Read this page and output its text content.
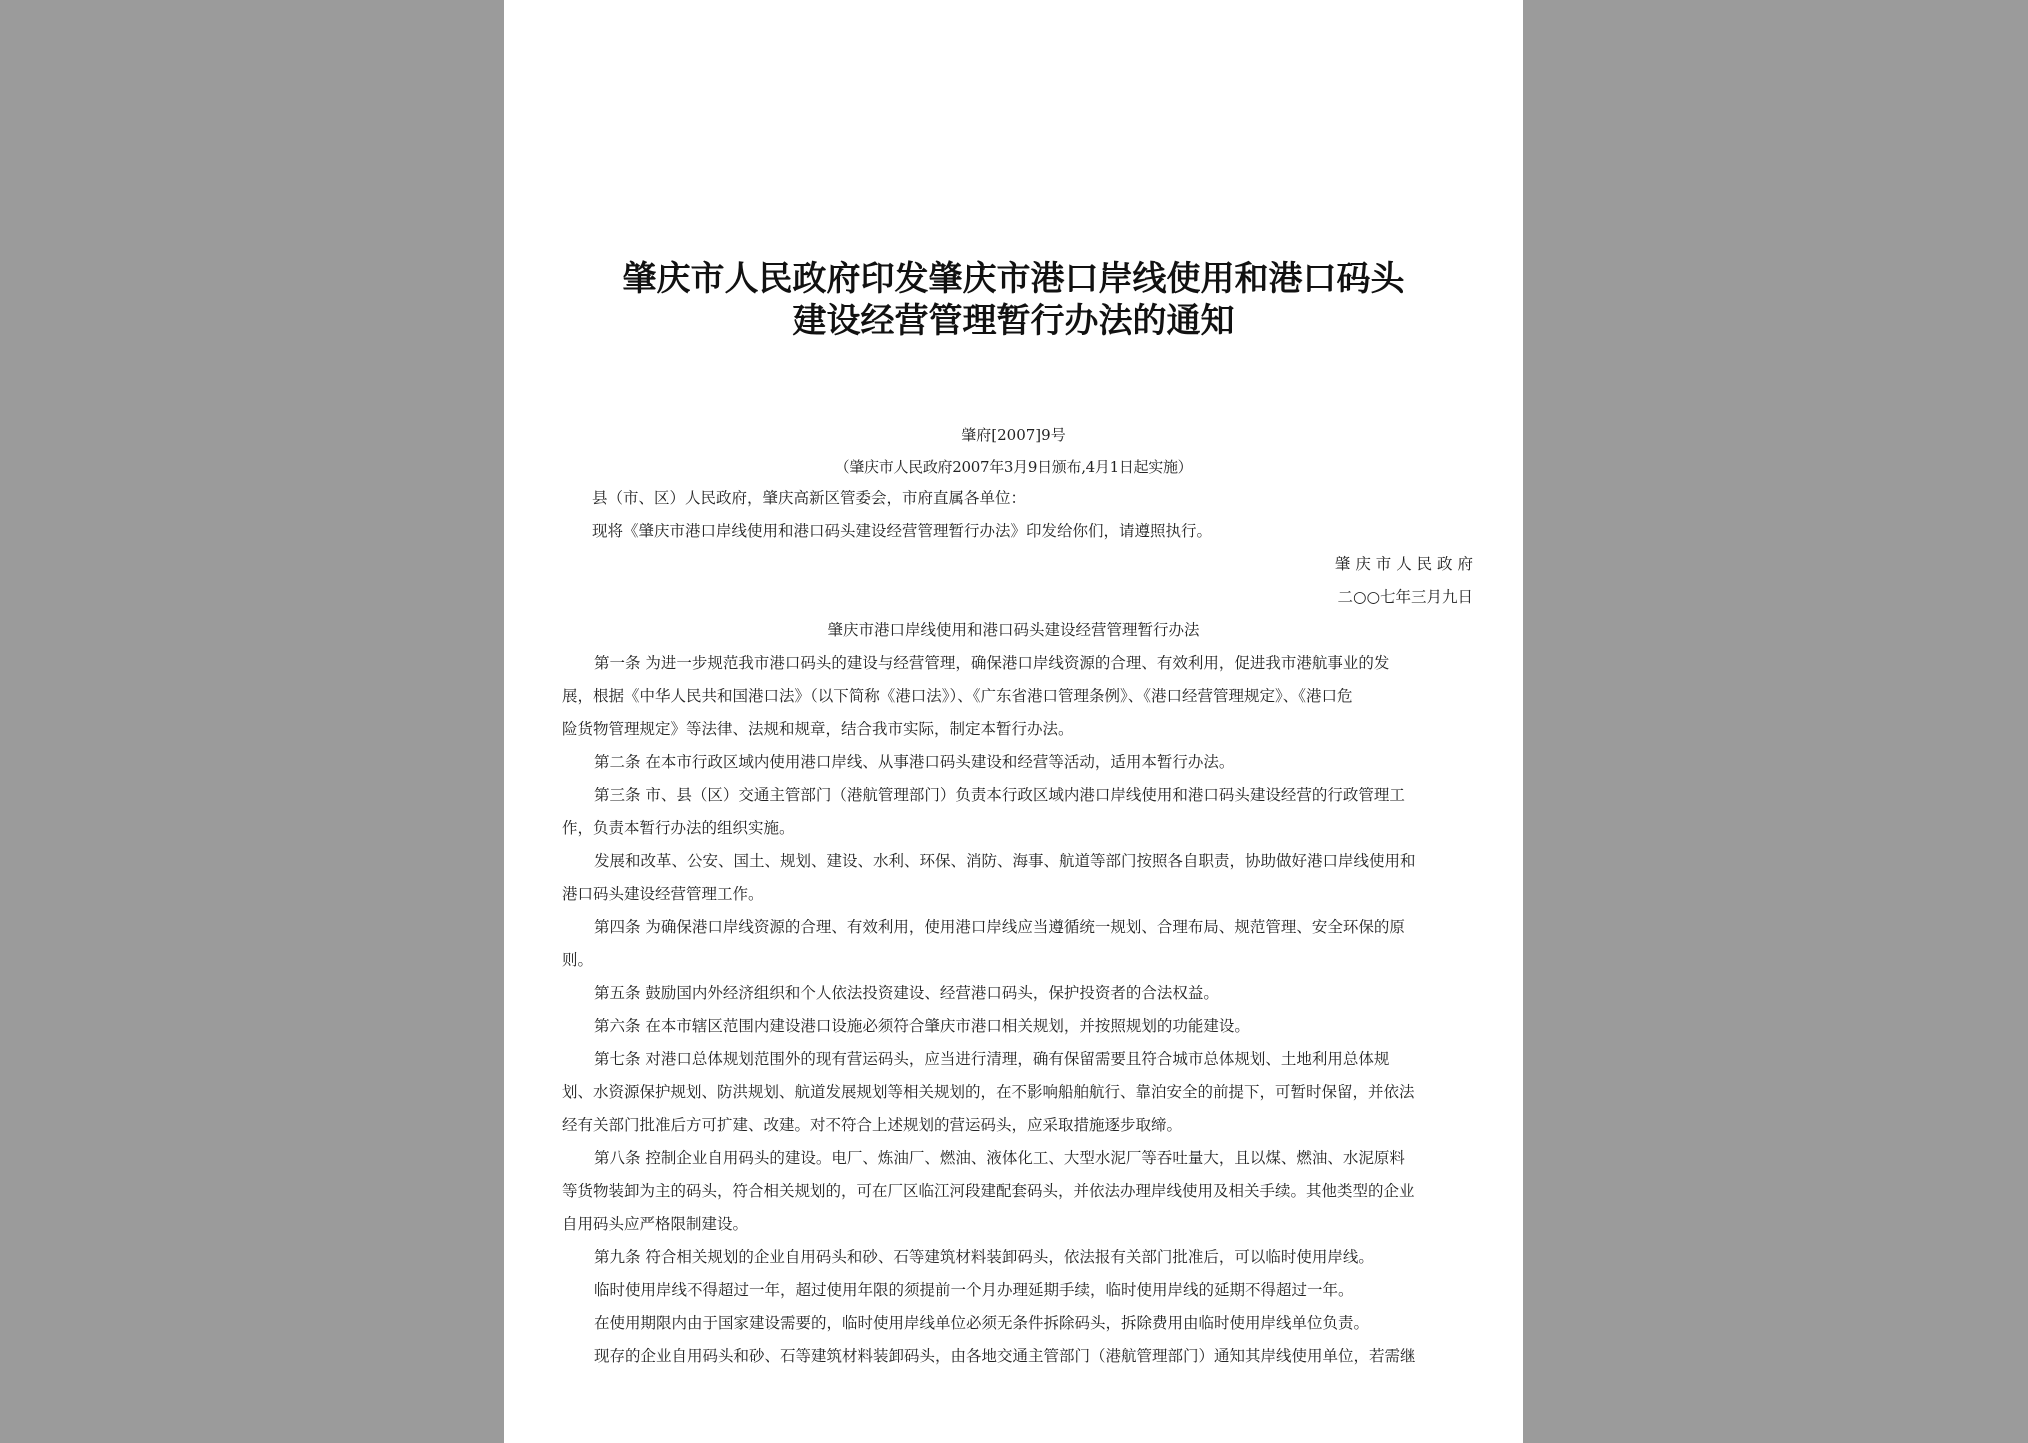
肇庆市人民政府印发肇庆市港口岸线使用和港口码头
建设经营管理暂行办法的通知
肇府[2007]9号
（肇庆市人民政府2007年3月9日颁布,4月1日起实施）
县（市、区）人民政府，肇庆高新区管委会，市府直属各单位：
现将《肇庆市港口岸线使用和港口码头建设经营管理暂行办法》印发给你们，请遵照执行。
肇 庆 市 人 民 政 府
二○○七年三月九日
肇庆市港口岸线使用和港口码头建设经营管理暂行办法
第一条 为进一步规范我市港口码头的建设与经营管理，确保港口岸线资源的合理、有效利用，促进我市港航事业的发
展，根据《中华人民共和国港口法》（以下简称《港口法》）、《广东省港口管理条例》、《港口经营管理规定》、《港口危
险货物管理规定》等法律、法规和规章，结合我市实际，制定本暂行办法。
第二条 在本市行政区域内使用港口岸线、从事港口码头建设和经营等活动，适用本暂行办法。
第三条 市、县（区）交通主管部门（港航管理部门）负责本行政区域内港口岸线使用和港口码头建设经营的行政管理工
作，负责本暂行办法的组织实施。
发展和改革、公安、国土、规划、建设、水利、环保、消防、海事、航道等部门按照各自职责，协助做好港口岸线使用和
港口码头建设经营管理工作。
第四条 为确保港口岸线资源的合理、有效利用，使用港口岸线应当遵循统一规划、合理布局、规范管理、安全环保的原
则。
第五条 鼓励国内外经济组织和个人依法投资建设、经营港口码头，保护投资者的合法权益。
第六条 在本市辖区范围内建设港口设施必须符合肇庆市港口相关规划，并按照规划的功能建设。
第七条 对港口总体规划范围外的现有营运码头，应当进行清理，确有保留需要且符合城市总体规划、土地利用总体规
划、水资源保护规划、防洪规划、航道发展规划等相关规划的，在不影响船舶航行、靠泊安全的前提下，可暂时保留，并依法
经有关部门批准后方可扩建、改建。对不符合上述规划的营运码头，应采取措施逐步取缔。
第八条 控制企业自用码头的建设。电厂、炼油厂、燃油、液体化工、大型水泥厂等吞吐量大，且以煤、燃油、水泥原料
等货物装卸为主的码头，符合相关规划的，可在厂区临江河段建配套码头，并依法办理岸线使用及相关手续。其他类型的企业
自用码头应严格限制建设。
第九条 符合相关规划的企业自用码头和砂、石等建筑材料装卸码头，依法报有关部门批准后，可以临时使用岸线。
临时使用岸线不得超过一年，超过使用年限的须提前一个月办理延期手续，临时使用岸线的延期不得超过一年。
在使用期限内由于国家建设需要的，临时使用岸线单位必须无条件拆除码头，拆除费用由临时使用岸线单位负责。
现存的企业自用码头和砂、石等建筑材料装卸码头，由各地交通主管部门（港航管理部门）通知其岸线使用单位，若需继
